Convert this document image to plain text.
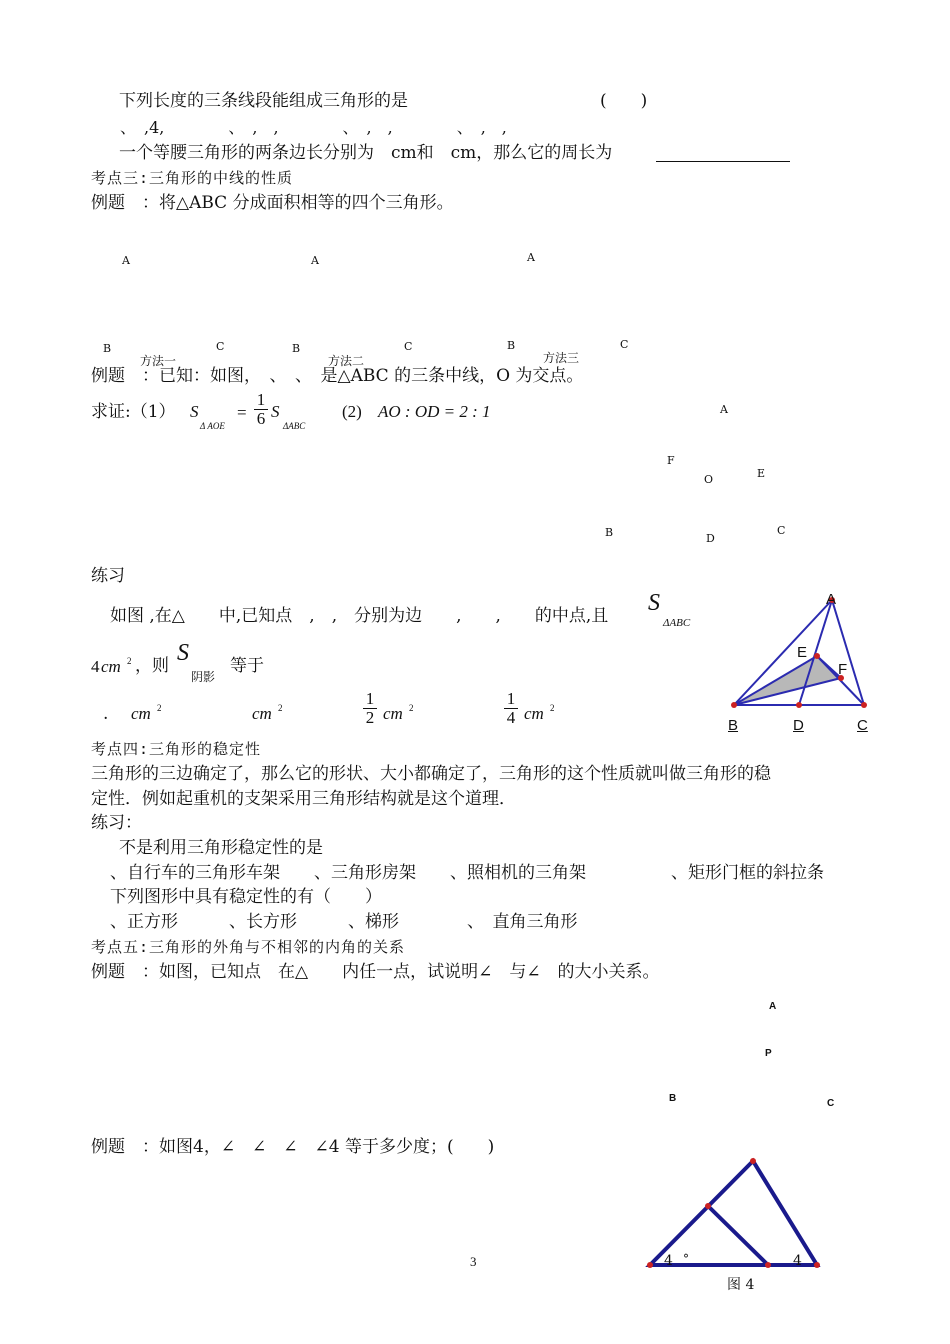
下列长度的三条线段能组成三角形的是	(　　)
、　,4,　　　　、　,　,　　　　、　,　,　　　　、　,　,
一个等腰三角形的两条边长分别为　cm和　cm，那么它的周长为
考点三:三角形的中线的性质
例题　：将△ABC 分成面积相等的四个三角形。
A	A	A
B	C	B	C	B	C
方法一	方法二	方法三
例题　：已知：如图，　、　、　是△ABC 的三条中线，O 为交点。
求证:（1） S
Δ AOE
=
1
6 S
ΔABC
(2) AO : OD = 2 : 1	A
F
E
O
B	C
D
练习
如图 ,在△　　中,已知点　,　,　分别为边　　,　　,　　的中点,且 S
ΔABC
4 cm 2 ，则 S
阴影
等于
. cm 2	cm 2	1
2 cm 2	1
4 cm 2
A
E
F
B	D	C
考点四:三角形的稳定性
三角形的三边确定了，那么它的形状、大小都确定了，三角形的这个性质就叫做三角形的稳
定性．例如起重机的支架采用三角形结构就是这个道理．
练习：
不是利用三角形稳定性的是
、自行车的三角形车架　　、三角形房架　　、照相机的三角架　　　　　、矩形门框的斜拉条
下列图形中具有稳定性的有（　　）
、正方形　　　、长方形　　　、梯形　　　　、　直角三角形
考点五:三角形的外角与不相邻的内角的关系
例题　：如图，已知点　在△　　内任一点，试说明∠　与∠　的大小关系。
A
P
B	C
例题　：如图4，∠　∠　∠　∠4 等于多少度；(　　)
4 °	4
图 4
3
